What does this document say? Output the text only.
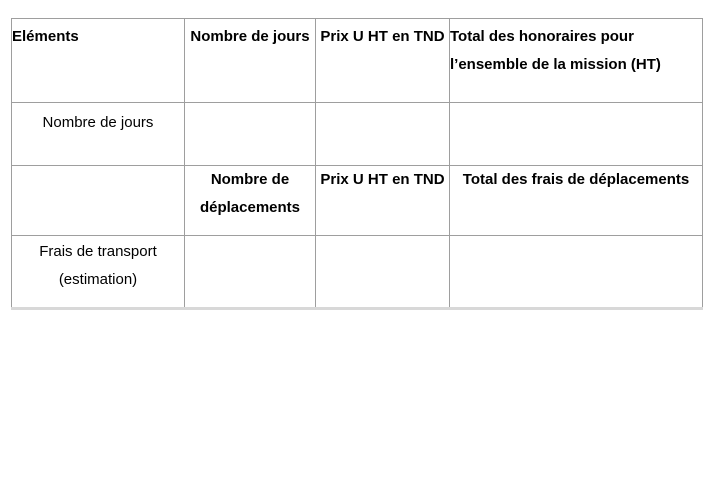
Eléments	Nombre de jours	Prix U HT en TND	Total des honoraires pour
l’ensemble de la mission (HT)

Nombre de jours			

	Nombre de
déplacements	Prix U HT en TND	Total des frais de déplacements

Frais de transport
(estimation)			
